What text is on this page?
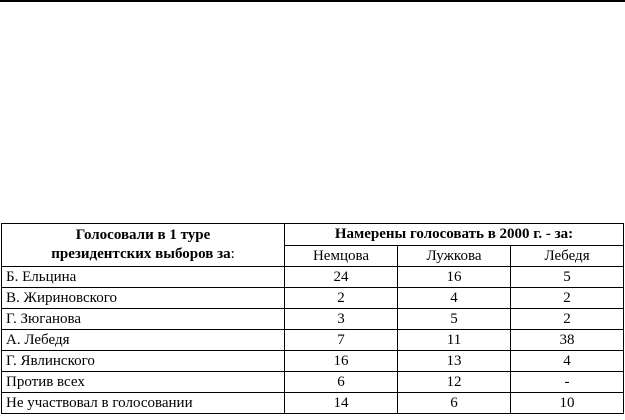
Голосовали в 1 туре
президентских выборов за:	Намерены голосовать в 2000 г. - за:		
	Немцова	Лужкова	Лебедя
Б. Ельцина	24	16	5
В. Жириновского	2	4	2
Г. Зюганова	3	5	2
А. Лебедя	7	11	38
Г. Явлинского	16	13	4
Против всех	6	12	-
Не участвовал в голосовании	14	6	10
